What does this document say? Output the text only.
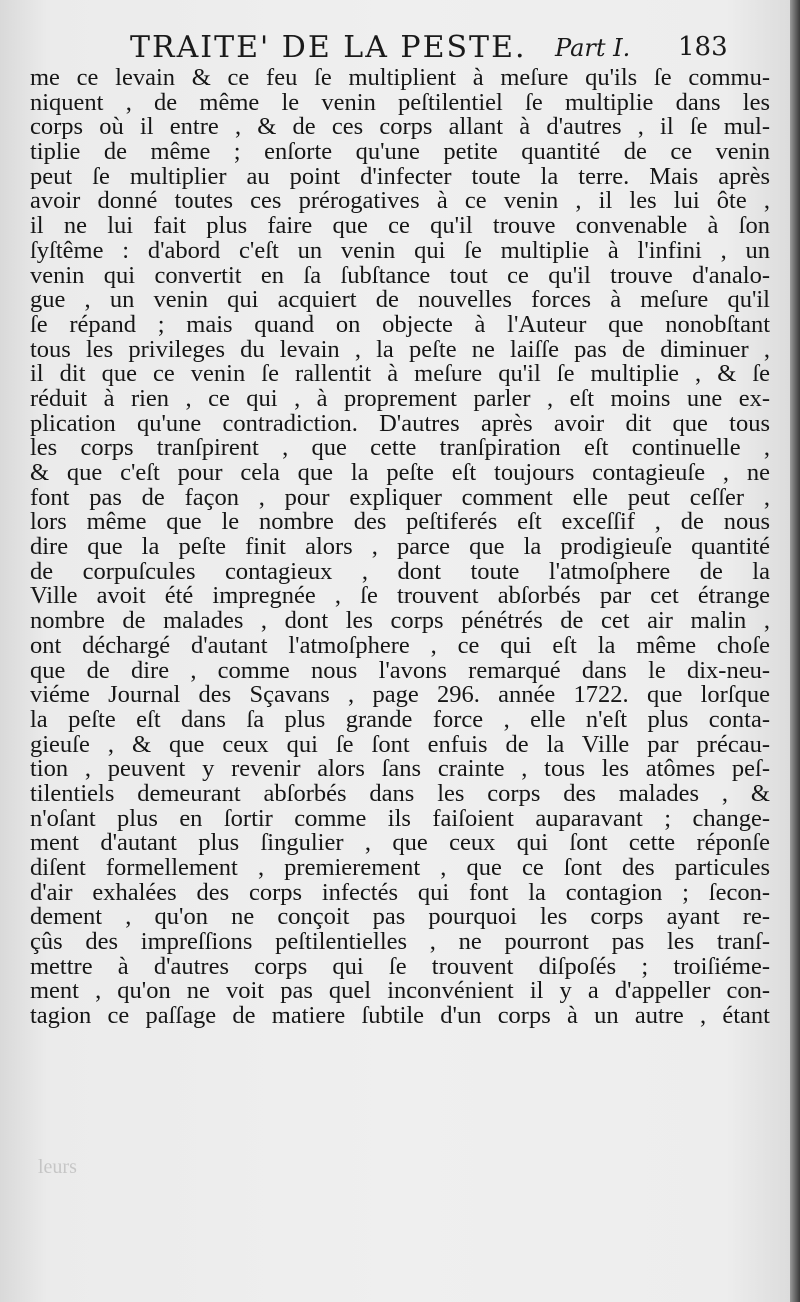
TRAITE' DE LA PESTE. Part I. 183
me ce levain & ce feu ſe multiplient à meſure qu'ils ſe commu-
niquent , de même le venin peſtilentiel ſe multiplie dans les
corps où il entre , & de ces corps allant à d'autres , il ſe mul-
tiplie de même ; enſorte qu'une petite quantité de ce venin
peut ſe multiplier au point d'infecter toute la terre. Mais après
avoir donné toutes ces prérogatives à ce venin , il les lui ôte ,
il ne lui fait plus faire que ce qu'il trouve convenable à ſon
ſyſtême : d'abord c'eſt un venin qui ſe multiplie à l'infini , un
venin qui convertit en ſa ſubſtance tout ce qu'il trouve d'analo-
gue , un venin qui acquiert de nouvelles forces à meſure qu'il
ſe répand ; mais quand on objecte à l'Auteur que nonobſtant
tous les privileges du levain , la peſte ne laiſſe pas de diminuer ,
il dit que ce venin ſe rallentit à meſure qu'il ſe multiplie , & ſe
réduit à rien , ce qui , à proprement parler , eſt moins une ex-
plication qu'une contradiction. D'autres après avoir dit que tous
les corps tranſpirent , que cette tranſpiration eſt continuelle ,
& que c'eſt pour cela que la peſte eſt toujours contagieuſe , ne
font pas de façon , pour expliquer comment elle peut ceſſer ,
lors même que le nombre des peſtiferés eſt exceſſif , de nous
dire que la peſte finit alors , parce que la prodigieuſe quantité
de corpuſcules contagieux , dont toute l'atmoſphere de la
Ville avoit été impregnée , ſe trouvent abſorbés par cet étrange
nombre de malades , dont les corps pénétrés de cet air malin ,
ont déchargé d'autant l'atmoſphere , ce qui eſt la même choſe
que de dire , comme nous l'avons remarqué dans le dix-neu-
viéme Journal des Sçavans , page 296. année 1722. que lorſque
la peſte eſt dans ſa plus grande force , elle n'eſt plus conta-
gieuſe , & que ceux qui ſe ſont enfuis de la Ville par précau-
tion , peuvent y revenir alors ſans crainte , tous les atômes peſ-
tilentiels demeurant abſorbés dans les corps des malades , &
n'oſant plus en ſortir comme ils faiſoient auparavant ; change-
ment d'autant plus ſingulier , que ceux qui ſont cette réponſe
diſent formellement , premierement , que ce ſont des particules
d'air exhalées des corps infectés qui font la contagion ; ſecon-
dement , qu'on ne conçoit pas pourquoi les corps ayant re-
çûs des impreſſions peſtilentielles , ne pourront pas les tranſ-
mettre à d'autres corps qui ſe trouvent diſpoſés ; troiſiéme-
ment , qu'on ne voit pas quel inconvénient il y a d'appeller con-
tagion ce paſſage de matiere ſubtile d'un corps à un autre , étant
leurs
